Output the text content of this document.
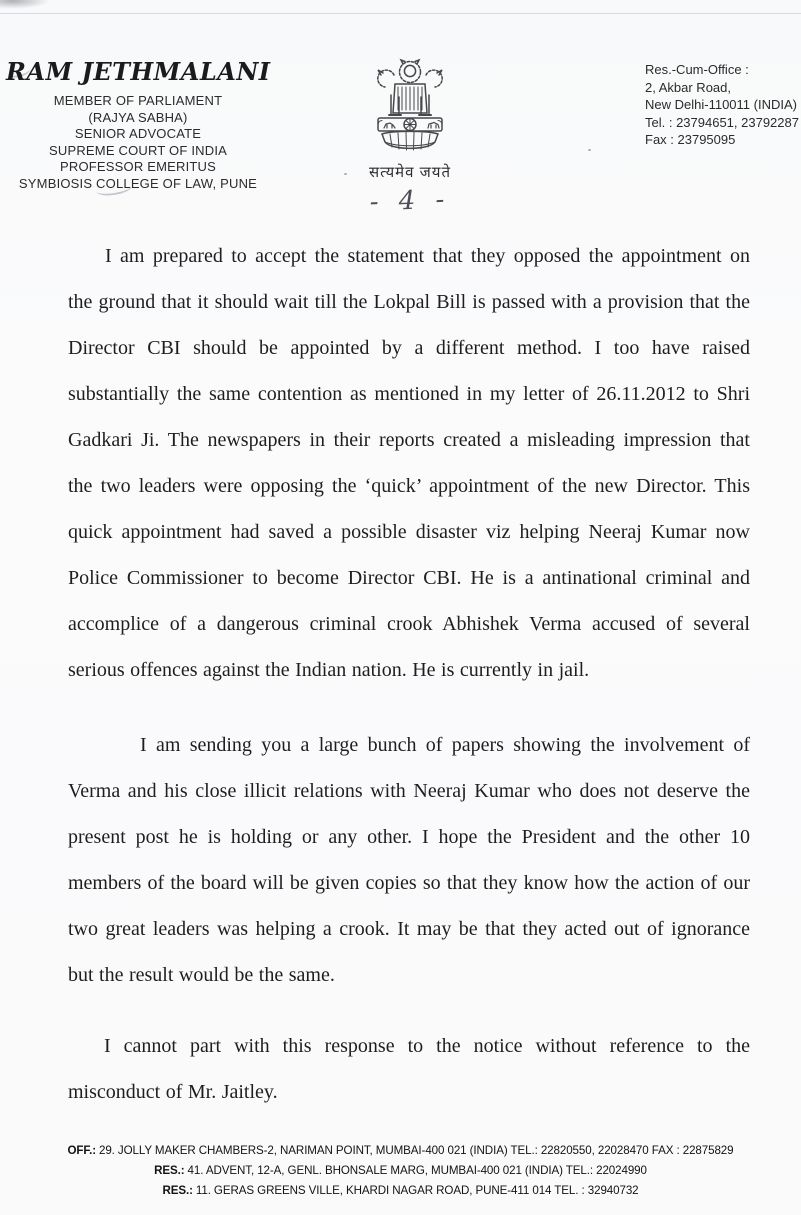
RAM JETHMALANI
MEMBER OF PARLIAMENT
(RAJYA SABHA)
SENIOR ADVOCATE
SUPREME COURT OF INDIA
PROFESSOR EMERITUS
SYMBIOSIS COLLEGE OF LAW, PUNE
सत्यमेव जयते
Res.-Cum-Office :
2, Akbar Road,
New Delhi-110011 (INDIA)
Tel. : 23794651, 23792287
Fax : 23795095
- 4 -
I am prepared to accept the statement that they opposed the appointment on
the ground that it should wait till the Lokpal Bill is passed with a provision that the
Director CBI should be appointed by a different method. I too have raised
substantially the same contention as mentioned in my letter of 26.11.2012 to Shri
Gadkari Ji. The newspapers in their reports created a misleading impression that
the two leaders were opposing the ‘quick’ appointment of the new Director. This
quick appointment had saved a possible disaster viz helping Neeraj Kumar now
Police Commissioner to become Director CBI. He is a antinational criminal and
accomplice of a dangerous criminal crook Abhishek Verma accused of several
serious offences against the Indian nation. He is currently in jail.
I am sending you a large bunch of papers showing the involvement of
Verma and his close illicit relations with Neeraj Kumar who does not deserve the
present post he is holding or any other. I hope the President and the other 10
members of the board will be given copies so that they know how the action of our
two great leaders was helping a crook. It may be that they acted out of ignorance
but the result would be the same.
I cannot part with this response to the notice without reference to the
misconduct of Mr. Jaitley.
OFF.: 29. JOLLY MAKER CHAMBERS-2, NARIMAN POINT, MUMBAI-400 021 (INDIA) TEL.: 22820550, 22028470 FAX : 22875829
RES.: 41. ADVENT, 12-A, GENL. BHONSALE MARG, MUMBAI-400 021 (INDIA) TEL.: 22024990
RES.: 11. GERAS GREENS VILLE, KHARDI NAGAR ROAD, PUNE-411 014 TEL. : 32940732
